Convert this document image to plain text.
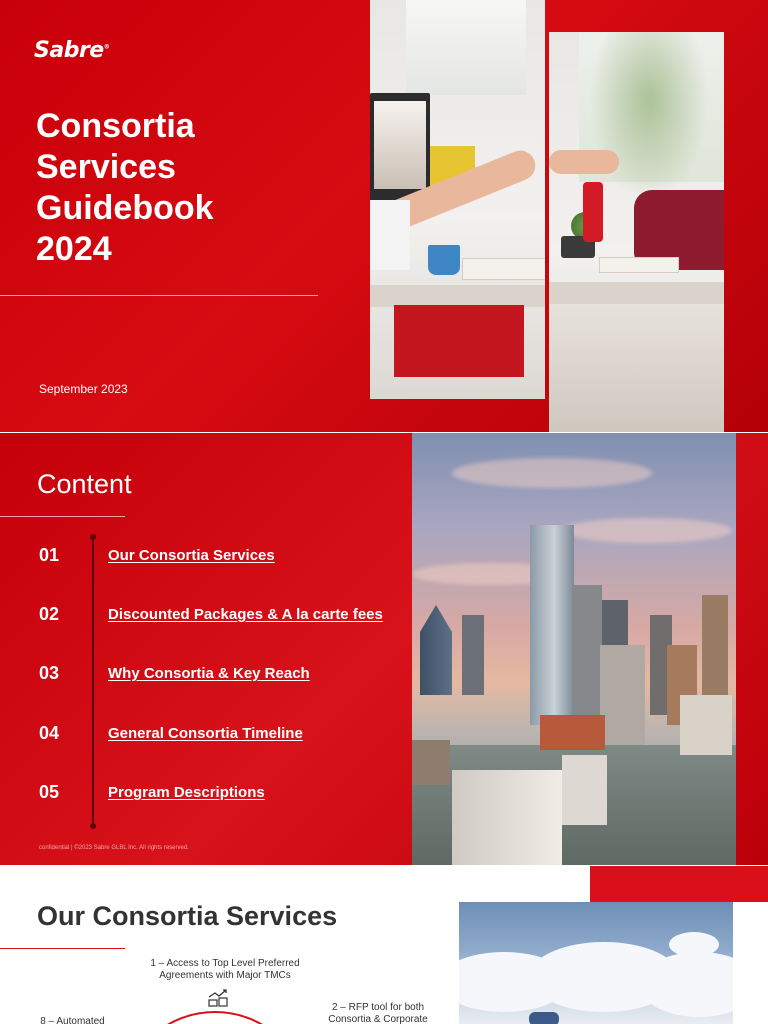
Sabre®
Consortia
Services
Guidebook
2024
September 2023
Content
01	Our Consortia Services
02	Discounted Packages & A la carte fees
03	Why Consortia & Key Reach
04	General Consortia Timeline
05	Program Descriptions
confidential | ©2023 Sabre GLBL Inc. All rights reserved.
Our Consortia Services
1 – Access to Top Level Preferred
Agreements with Major TMCs
2 – RFP tool for both
Consortia & Corporate
8 – Automated
